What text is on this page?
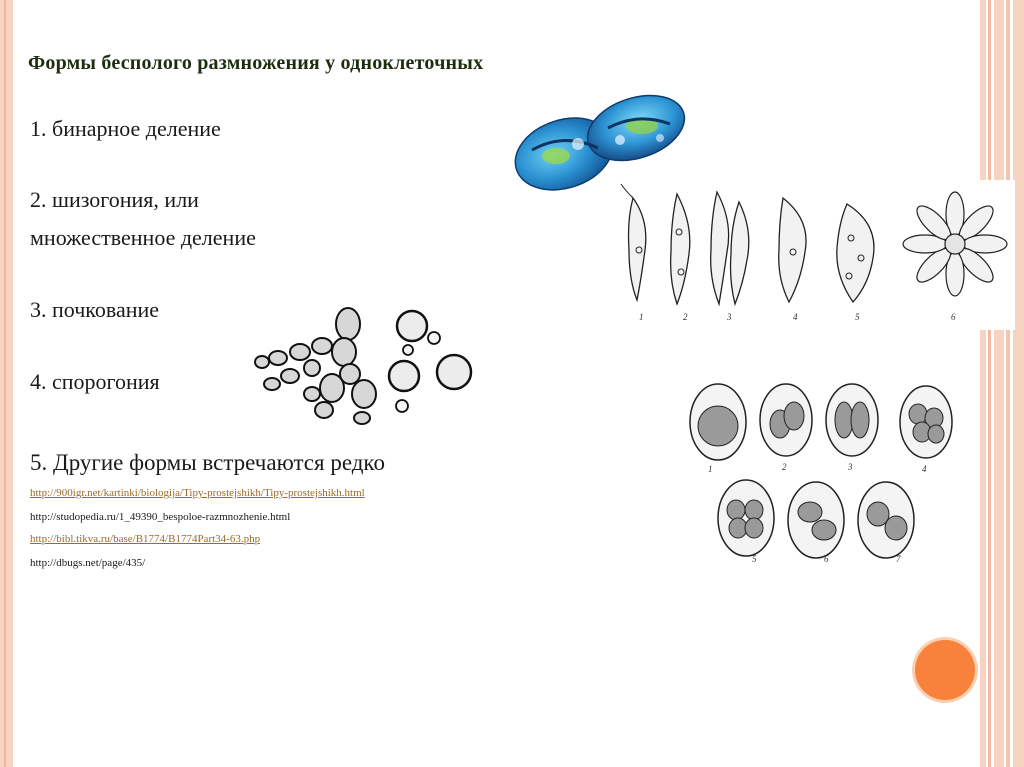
Формы бесполого размножения у одноклеточных
1. бинарное деление
2. шизогония, или
множественное деление
3. почкование
4. спорогония
5. Другие формы встречаются редко
http://900igr.net/kartinki/biologija/Tipy-prostejshikh/Tipy-prostejshikh.html
http://studopedia.ru/1_49390_bespoloe-razmnozhenie.html
http://bibl.tikva.ru/base/B1774/B1774Part34-63.php
http://dbugs.net/page/435/
1	2	3	4	5	6
1	2	3	4
5	6	7
